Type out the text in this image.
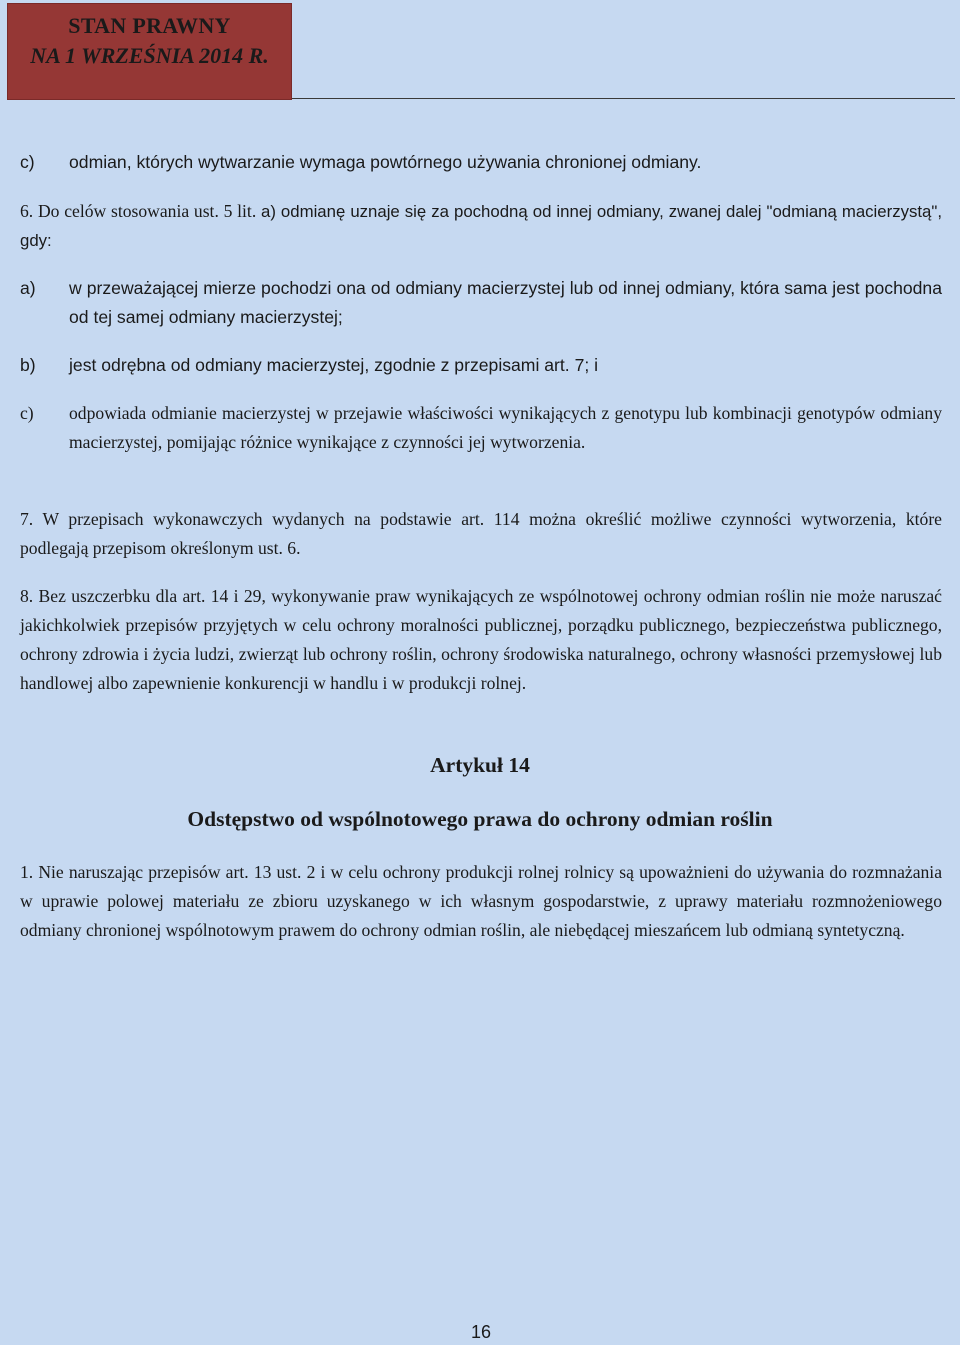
STAN PRAWNY
NA 1 WRZEŚNIA 2014 R.
c)	odmian, których wytwarzanie wymaga powtórnego używania chronionej odmiany.

6. Do celów stosowania ust. 5 lit. a) odmianę uznaje się za pochodną od innej odmiany, zwanej dalej "odmianą macierzystą", gdy:

a)	w przeważającej mierze pochodzi ona od odmiany macierzystej lub od innej odmiany, która sama jest pochodna od tej samej odmiany macierzystej;
b)	jest odrębna od odmiany macierzystej, zgodnie z przepisami art. 7; i
c)	odpowiada odmianie macierzystej w przejawie właściwości wynikających z genotypu lub kombinacji genotypów odmiany macierzystej, pomijając różnice wynikające z czynności jej wytworzenia.

7. W przepisach wykonawczych wydanych na podstawie art. 114 można określić możliwe czynności wytworzenia, które podlegają przepisom określonym ust. 6.

8. Bez uszczerbku dla art. 14 i 29, wykonywanie praw wynikających ze wspólnotowej ochrony odmian roślin nie może naruszać jakichkolwiek przepisów przyjętych w celu ochrony moralności publicznej, porządku publicznego, bezpieczeństwa publicznego, ochrony zdrowia i życia ludzi, zwierząt lub ochrony roślin, ochrony środowiska naturalnego, ochrony własności przemysłowej lub handlowej albo zapewnienie konkurencji w handlu i w produkcji rolnej.

Artykuł 14
Odstępstwo od wspólnotowego prawa do ochrony odmian roślin

1. Nie naruszając przepisów art. 13 ust. 2 i w celu ochrony produkcji rolnej rolnicy są upoważnieni do używania do rozmnażania w uprawie polowej materiału ze zbioru uzyskanego w ich własnym gospodarstwie, z uprawy materiału rozmnożeniowego odmiany chronionej wspólnotowym prawem do ochrony odmian roślin, ale niebędącej mieszańcem lub odmianą syntetyczną.

16
